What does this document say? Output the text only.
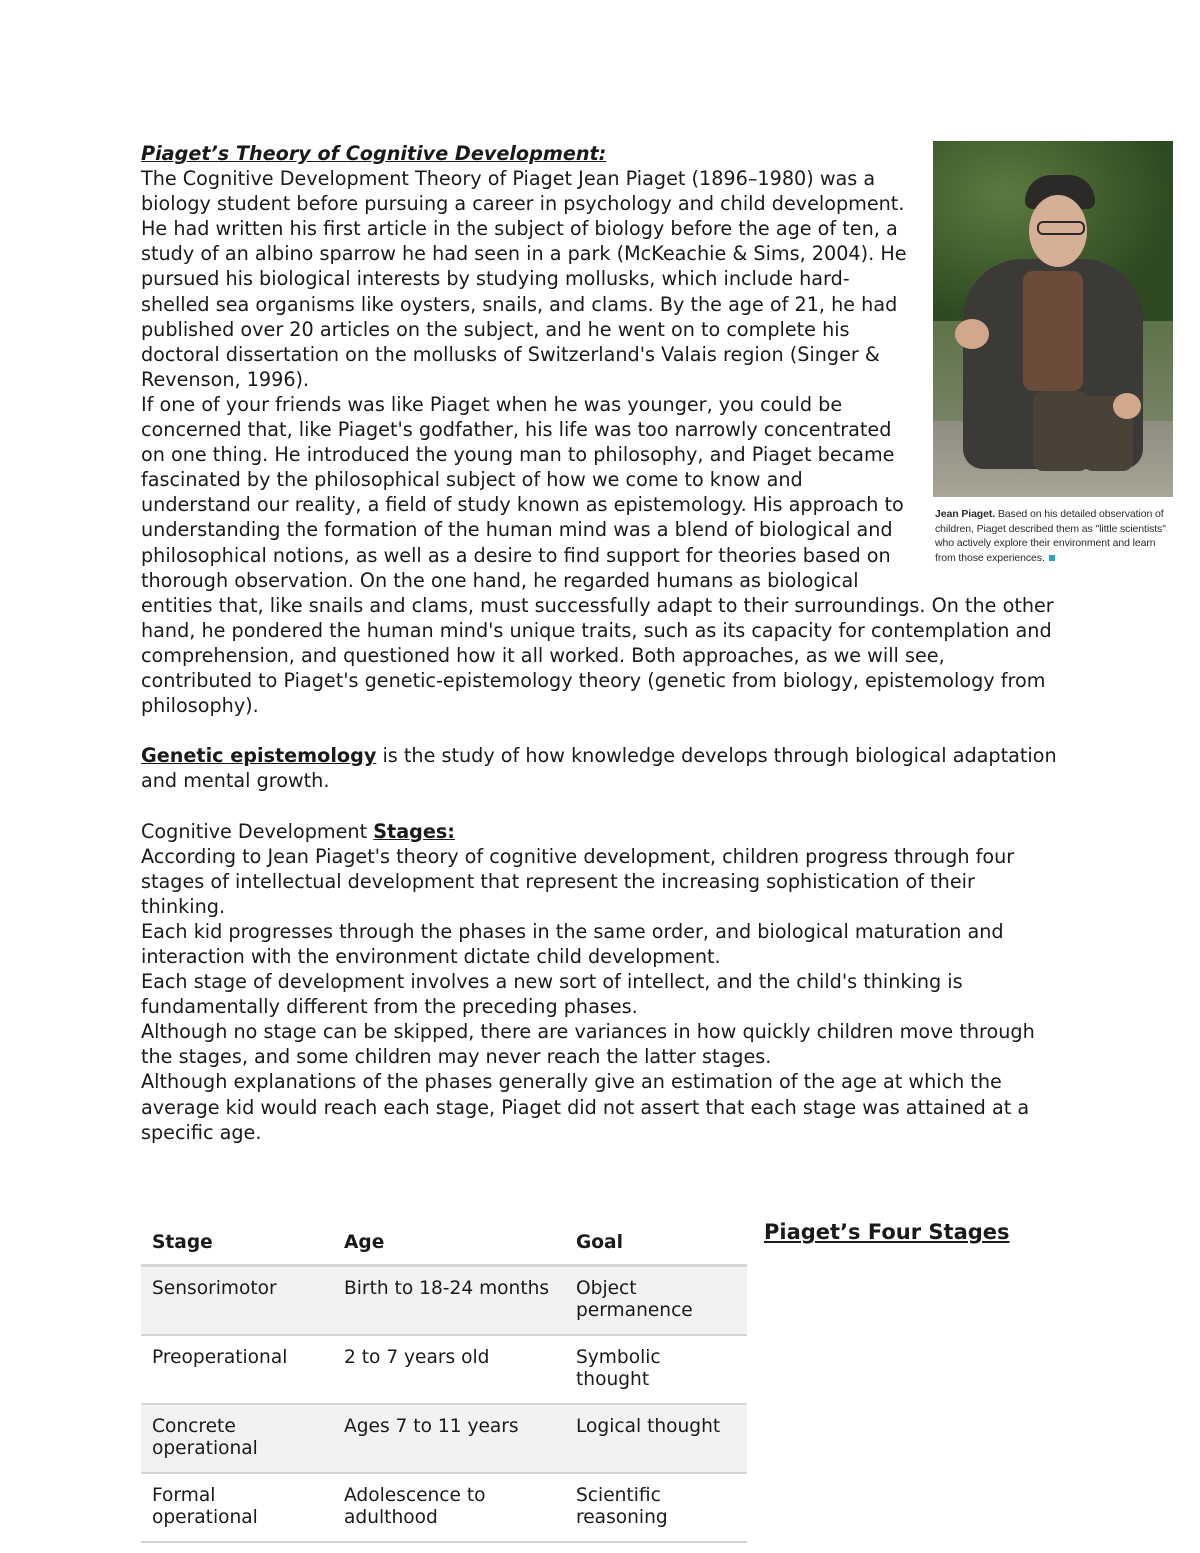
Jean Piaget. Based on his detailed observation of children, Piaget described them as "little scientists" who actively explore their environment and learn from those experiences.

Piaget’s Theory of Cognitive Development:

The Cognitive Development Theory of Piaget Jean Piaget (1896–1980) was a biology student before pursuing a career in psychology and child development. He had written his first article in the subject of biology before the age of ten, a study of an albino sparrow he had seen in a park (McKeachie & Sims, 2004). He pursued his biological interests by studying mollusks, which include hard-shelled sea organisms like oysters, snails, and clams. By the age of 21, he had published over 20 articles on the subject, and he went on to complete his doctoral dissertation on the mollusks of Switzerland's Valais region (Singer & Revenson, 1996).

If one of your friends was like Piaget when he was younger, you could be concerned that, like Piaget's godfather, his life was too narrowly concentrated on one thing. He introduced the young man to philosophy, and Piaget became fascinated by the philosophical subject of how we come to know and understand our reality, a field of study known as epistemology. His approach to understanding the formation of the human mind was a blend of biological and philosophical notions, as well as a desire to find support for theories based on thorough observation. On the one hand, he regarded humans as biological entities that, like snails and clams, must successfully adapt to their surroundings. On the other hand, he pondered the human mind's unique traits, such as its capacity for contemplation and comprehension, and questioned how it all worked. Both approaches, as we will see, contributed to Piaget's genetic-epistemology theory (genetic from biology, epistemology from philosophy).

Genetic epistemology is the study of how knowledge develops through biological adaptation and mental growth.

Cognitive Development Stages:

According to Jean Piaget's theory of cognitive development, children progress through four stages of intellectual development that represent the increasing sophistication of their thinking.

Each kid progresses through the phases in the same order, and biological maturation and interaction with the environment dictate child development.

Each stage of development involves a new sort of intellect, and the child's thinking is fundamentally different from the preceding phases.

Although no stage can be skipped, there are variances in how quickly children move through the stages, and some children may never reach the latter stages.

Although explanations of the phases generally give an estimation of the age at which the average kid would reach each stage, Piaget did not assert that each stage was attained at a specific age.

Stage	Age	Goal
Sensorimotor	Birth to 18-24 months	Object permanence
Preoperational	2 to 7 years old	Symbolic thought
Concrete operational	Ages 7 to 11 years	Logical thought
Formal operational	Adolescence to adulthood	Scientific reasoning
Piaget’s Four Stages
